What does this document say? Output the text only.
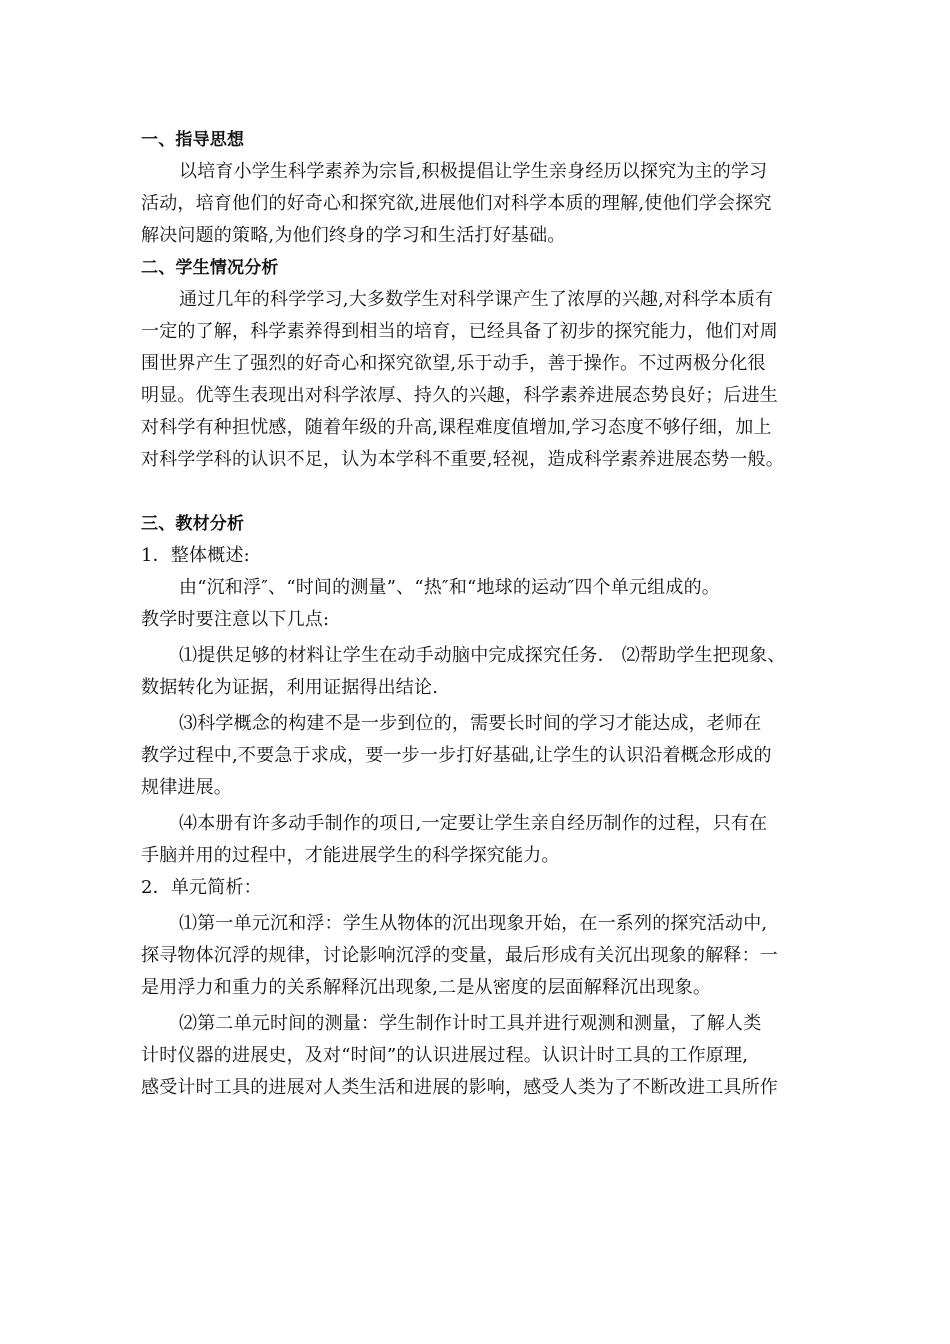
一、指导思想
以培育小学生科学素养为宗旨,积极提倡让学生亲身经历以探究为主的学习
活动，培育他们的好奇心和探究欲,进展他们对科学本质的理解,使他们学会探究
解决问题的策略,为他们终身的学习和生活打好基础。
二、学生情况分析
通过几年的科学学习,大多数学生对科学课产生了浓厚的兴趣,对科学本质有
一定的了解，科学素养得到相当的培育，已经具备了初步的探究能力，他们对周
围世界产生了强烈的好奇心和探究欲望,乐于动手，善于操作。不过两极分化很
明显。优等生表现出对科学浓厚、持久的兴趣，科学素养进展态势良好；后进生
对科学有种担忧感，随着年级的升高,课程难度值增加,学习态度不够仔细，加上
对科学学科的认识不足，认为本学科不重要,轻视，造成科学素养进展态势一般。
三、教材分析
1．整体概述:
由“沉和浮″、“时间的测量”、“热″和“地球的运动″四个单元组成的。
教学时要注意以下几点:
⑴提供足够的材料让学生在动手动脑中完成探究任务． ⑵帮助学生把现象、
数据转化为证据，利用证据得出结论.
⑶科学概念的构建不是一步到位的，需要长时间的学习才能达成，老师在
教学过程中,不要急于求成，要一步一步打好基础,让学生的认识沿着概念形成的
规律进展。
⑷本册有许多动手制作的项日,一定要让学生亲自经历制作的过程，只有在
手脑并用的过程中，才能进展学生的科学探究能力。
2．单元简析：
⑴第一单元沉和浮：学生从物体的沉出现象开始，在一系列的探究活动中,
探寻物体沉浮的规律，讨论影响沉浮的变量，最后形成有关沉出现象的解释：一
是用浮力和重力的关系解释沉出现象,二是从密度的层面解释沉出现象。
⑵第二单元时间的测量：学生制作计时工具并进行观测和测量，了解人类
计时仪器的进展史，及对“时间”的认识进展过程。认识计时工具的工作原理,
感受计时工具的进展对人类生活和进展的影响，感受人类为了不断改进工具所作
